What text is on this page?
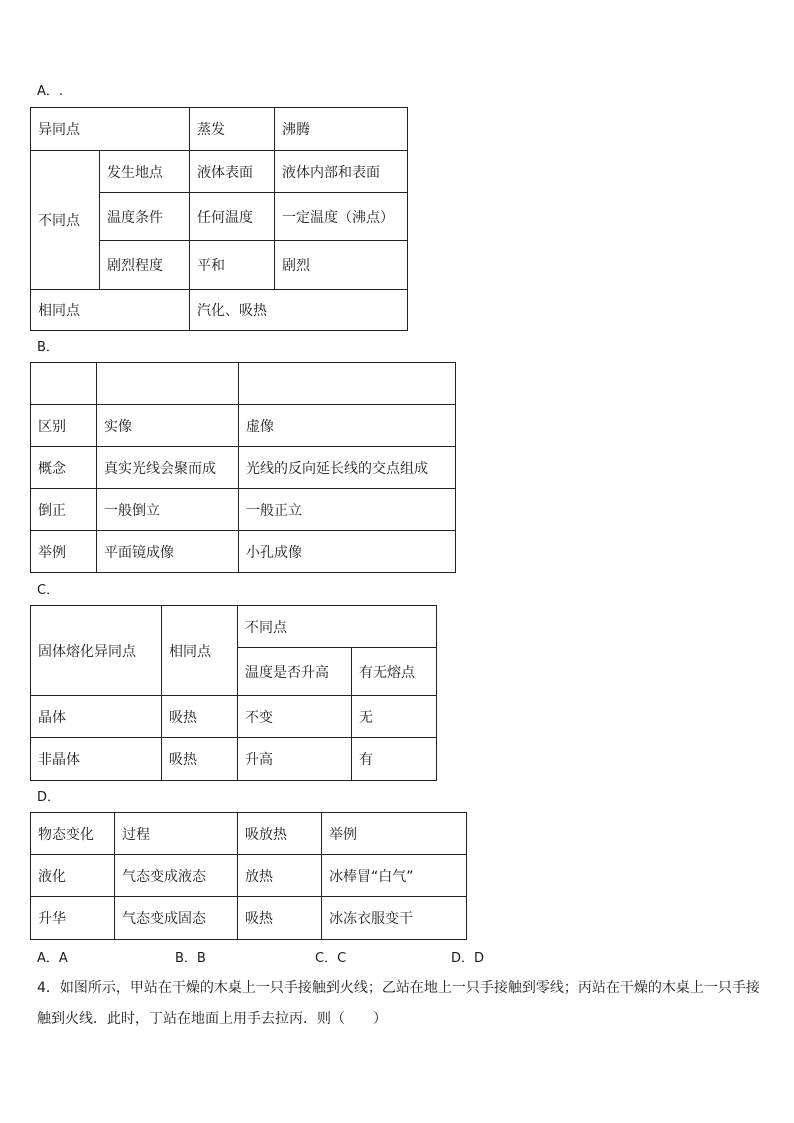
A．.
异同点		蒸发	沸腾
不同点	发生地点	液体表面	液体内部和表面
	温度条件	任何温度	一定温度（沸点）
	剧烈程度	平和	剧烈
相同点		汽化、吸热	
B．

区别	实像	虚像
概念	真实光线会聚而成	光线的反向延长线的交点组成
倒正	一般倒立	一般正立
举例	平面镜成像	小孔成像
C．
固体熔化异同点	相同点	不同点	
		温度是否升高	有无熔点
晶体	吸热	不变	无
非晶体	吸热	升高	有
D．
物态变化	过程	吸放热	举例
液化	气态变成液态	放热	冰棒冒“白气”
升华	气态变成固态	吸热	冰冻衣服变干
A．A	B．B	C．C	D．D
4．如图所示，甲站在干燥的木桌上一只手接触到火线；乙站在地上一只手接触到零线；丙站在干燥的木桌上一只手接
触到火线．此时，丁站在地面上用手去拉丙．则（　　）
